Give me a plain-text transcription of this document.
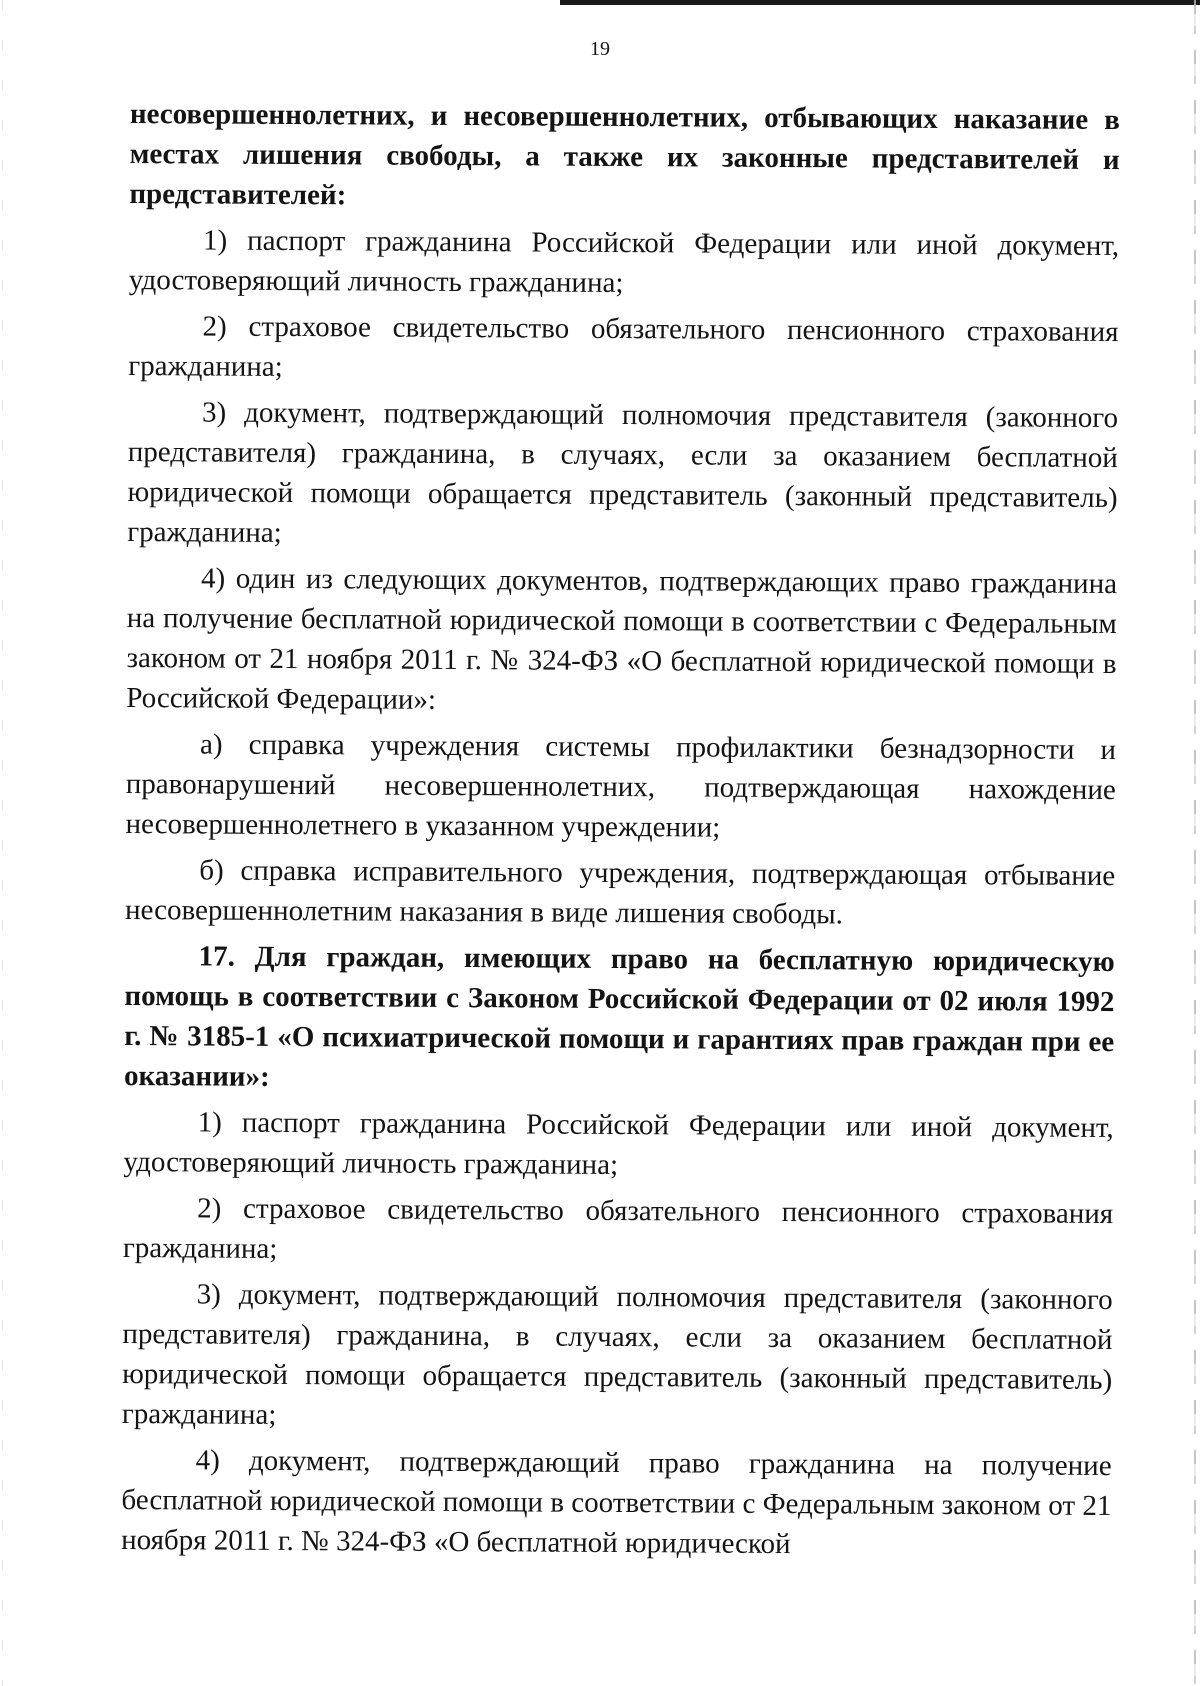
19

несовершеннолетних, и несовершеннолетних, отбывающих наказание в местах лишения свободы, а также их законные представителей и представителей:

1) паспорт гражданина Российской Федерации или иной документ, удостоверяющий личность гражданина;

2) страховое свидетельство обязательного пенсионного страхования гражданина;

3) документ, подтверждающий полномочия представителя (законного представителя) гражданина, в случаях, если за оказанием бесплатной юридической помощи обращается представитель (законный представитель) гражданина;

4) один из следующих документов, подтверждающих право гражданина на получение бесплатной юридической помощи в соответствии с Федеральным законом от 21 ноября 2011 г. № 324-ФЗ «О бесплатной юридической помощи в Российской Федерации»:

а) справка учреждения системы профилактики безнадзорности и правонарушений несовершеннолетних, подтверждающая нахождение несовершеннолетнего в указанном учреждении;

б) справка исправительного учреждения, подтверждающая отбывание несовершеннолетним наказания в виде лишения свободы.

17. Для граждан, имеющих право на бесплатную юридическую помощь в соответствии с Законом Российской Федерации от 02 июля 1992 г. № 3185-1 «О психиатрической помощи и гарантиях прав граждан при ее оказании»:

1) паспорт гражданина Российской Федерации или иной документ, удостоверяющий личность гражданина;

2) страховое свидетельство обязательного пенсионного страхования гражданина;

3) документ, подтверждающий полномочия представителя (законного представителя) гражданина, в случаях, если за оказанием бесплатной юридической помощи обращается представитель (законный представитель) гражданина;

4) документ, подтверждающий право гражданина на получение бесплатной юридической помощи в соответствии с Федеральным законом от 21 ноября 2011 г. № 324-ФЗ «О бесплатной юридической
